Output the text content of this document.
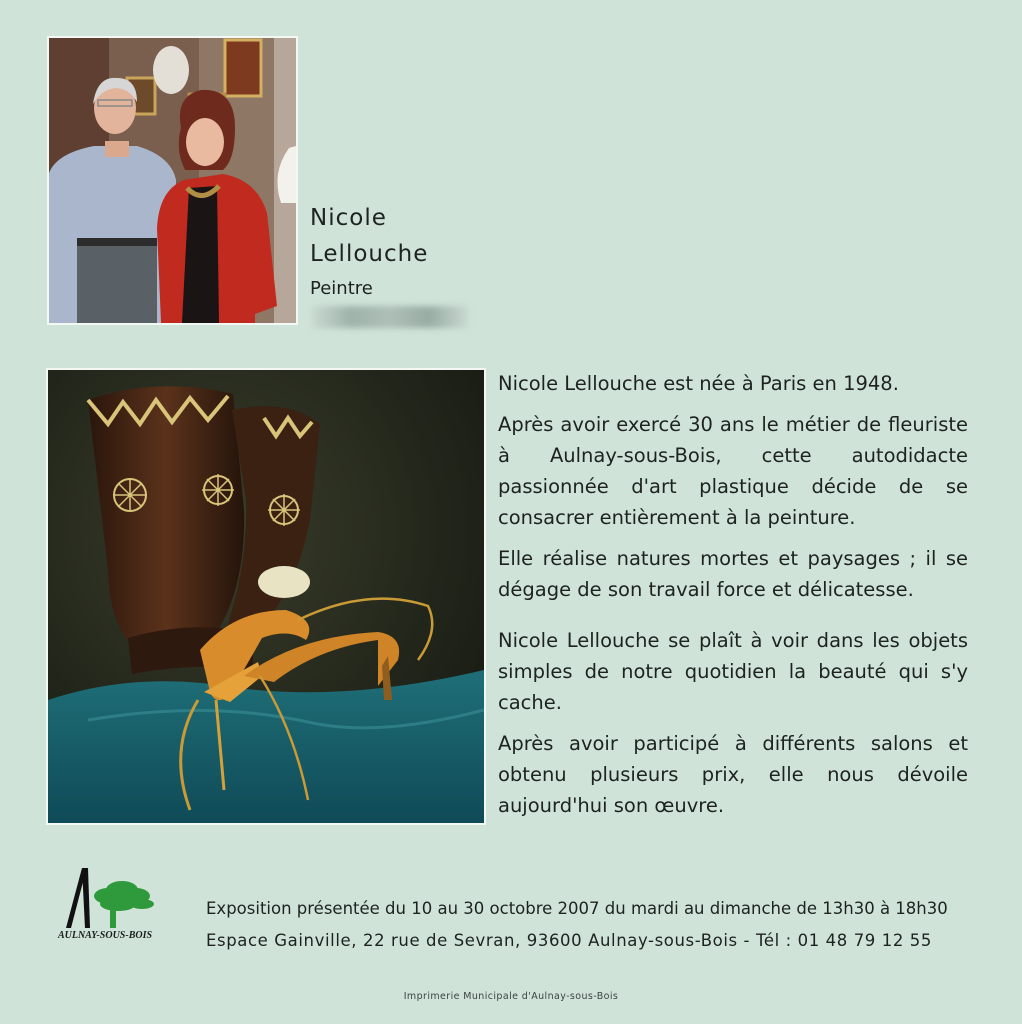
Nicole
Lellouche
Peintre

Nicole Lellouche est née à Paris en 1948.

Après avoir exercé 30 ans le métier de fleuriste à Aulnay-sous-Bois, cette autodidacte passionnée d'art plastique décide de se consacrer entièrement à la peinture.

Elle réalise natures mortes et paysages ; il se dégage de son travail force et délicatesse.

Nicole Lellouche se plaît à voir dans les objets simples de notre quotidien la beauté qui s'y cache.

Après avoir participé à différents salons et obtenu plusieurs prix, elle nous dévoile aujourd'hui son œuvre.

AULNAY-SOUS-BOIS
Exposition présentée du 10 au 30 octobre 2007 du mardi au dimanche de 13h30 à 18h30
Espace Gainville, 22 rue de Sevran, 93600 Aulnay-sous-Bois - Tél : 01 48 79 12 55
Imprimerie Municipale d'Aulnay-sous-Bois
